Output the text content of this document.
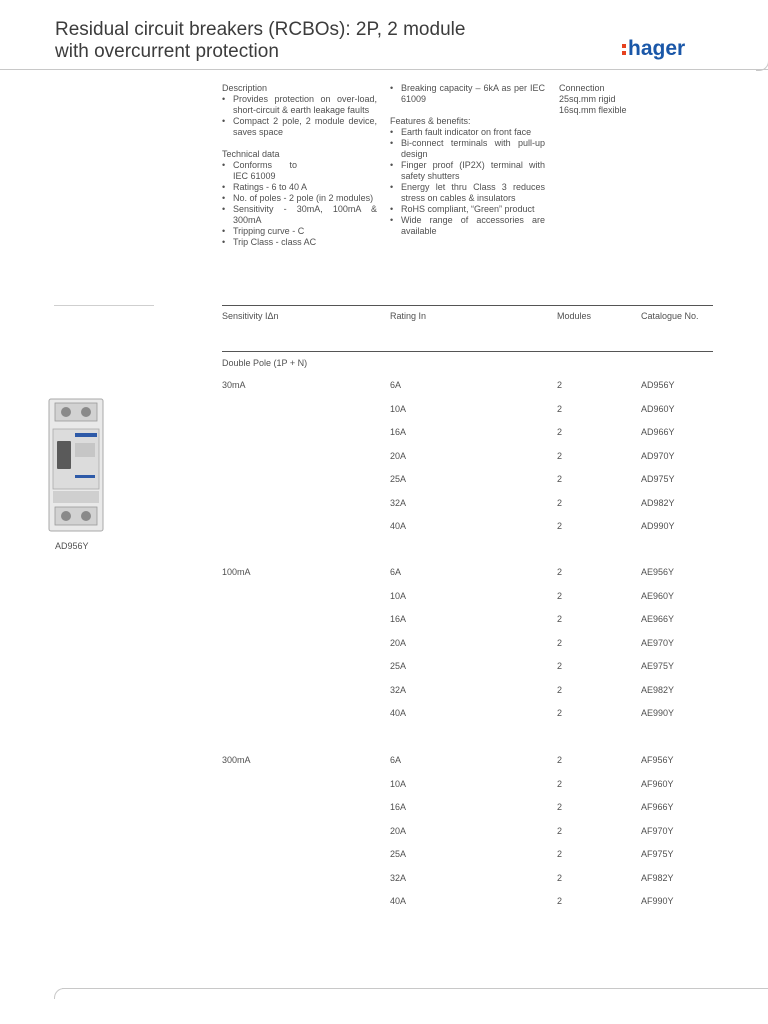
Residual circuit breakers (RCBOs): 2P, 2 module
with overcurrent protection	hager
Description
• Provides protection on over-load, short-circuit & earth leakage faults
• Compact 2 pole, 2 module device, saves space
Technical data
• Conforms to IEC 61009
• Ratings - 6 to 40 A
• No. of poles - 2 pole (in 2 modules)
• Sensitivity - 30mA, 100mA & 300mA
• Tripping curve - C
• Trip Class - class AC
• Breaking capacity – 6kA as per IEC 61009
Features & benefits:
• Earth fault indicator on front face
• Bi-connect terminals with pull-up design
• Finger proof (IP2X) terminal with safety shutters
• Energy let thru Class 3 reduces stress on cables & insulators
• RoHS compliant, “Green” product
• Wide range of accessories are available
Connection
25sq.mm rigid
16sq.mm flexible
Sensitivity IΔn	Rating In	Modules	Catalogue No.
Double Pole (1P + N)
30mA	6A	2	AD956Y
10A	2	AD960Y
16A	2	AD966Y
20A	2	AD970Y
25A	2	AD975Y
32A	2	AD982Y
40A	2	AD990Y
100mA	6A	2	AE956Y
10A	2	AE960Y
16A	2	AE966Y
20A	2	AE970Y
25A	2	AE975Y
32A	2	AE982Y
40A	2	AE990Y
300mA	6A	2	AF956Y
10A	2	AF960Y
16A	2	AF966Y
20A	2	AF970Y
25A	2	AF975Y
32A	2	AF982Y
40A	2	AF990Y
AD956Y
